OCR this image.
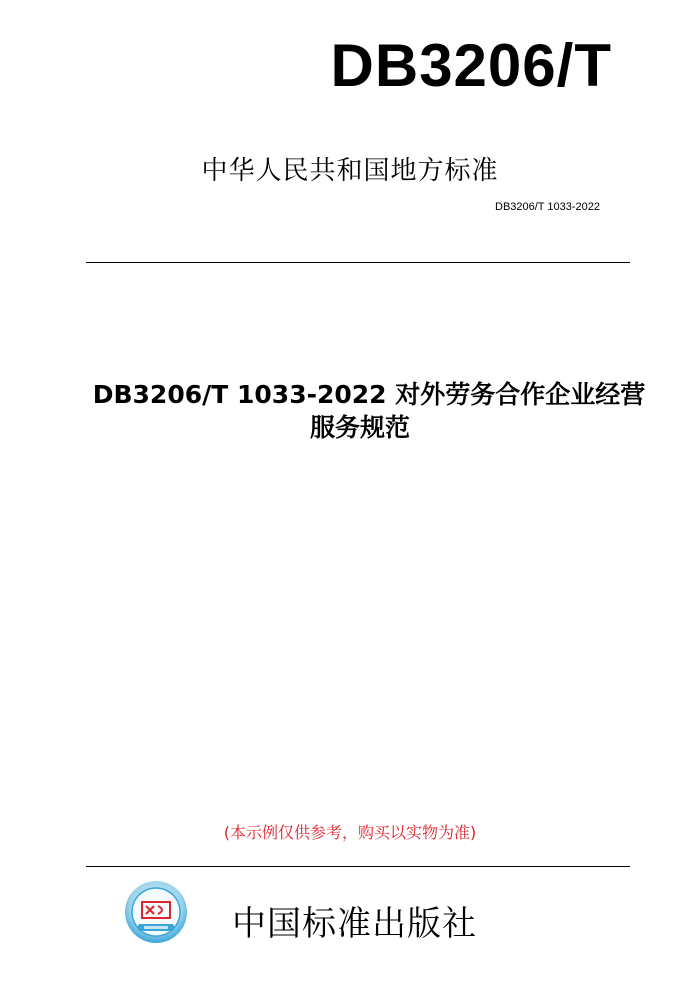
DB3206/T
中华人民共和国地方标准
DB3206/T 1033-2022
DB3206/T 1033-2022 对外劳务合作企业经营
服务规范
(本示例仅供参考，购买以实物为准)
中国标准出版社
